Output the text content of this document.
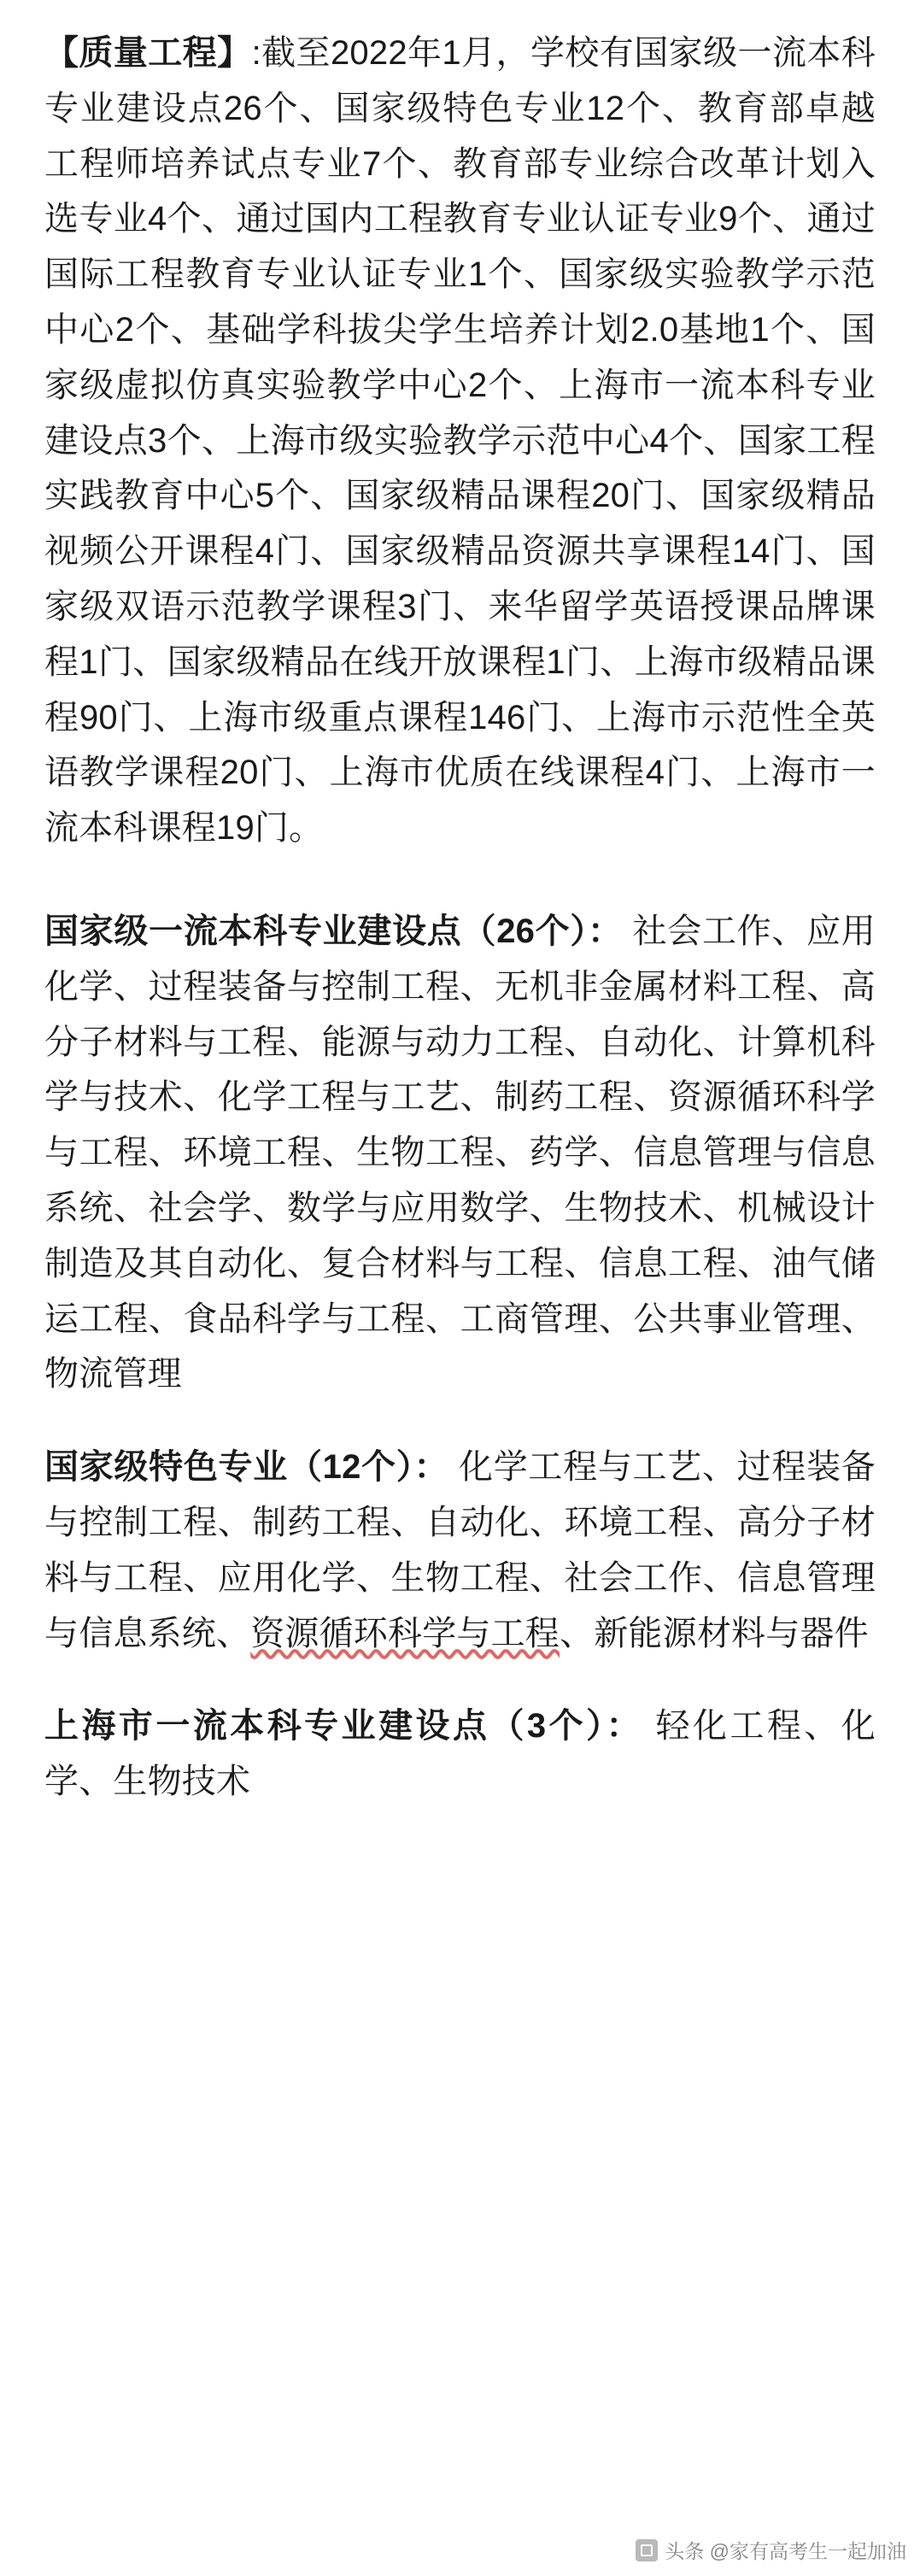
【质量工程】:截至2022年1月，学校有国家级一流本科专业建设点26个、国家级特色专业12个、教育部卓越工程师培养试点专业7个、教育部专业综合改革计划入选专业4个、通过国内工程教育专业认证专业9个、通过国际工程教育专业认证专业1个、国家级实验教学示范中心2个、基础学科拔尖学生培养计划2.0基地1个、国家级虚拟仿真实验教学中心2个、上海市一流本科专业建设点3个、上海市级实验教学示范中心4个、国家工程实践教育中心5个、国家级精品课程20门、国家级精品视频公开课程4门、国家级精品资源共享课程14门、国家级双语示范教学课程3门、来华留学英语授课品牌课程1门、国家级精品在线开放课程1门、上海市级精品课程90门、上海市级重点课程146门、上海市示范性全英语教学课程20门、上海市优质在线课程4门、上海市一流本科课程19门。

国家级一流本科专业建设点（26个）： 社会工作、应用化学、过程装备与控制工程、无机非金属材料工程、高分子材料与工程、能源与动力工程、自动化、计算机科学与技术、化学工程与工艺、制药工程、资源循环科学与工程、环境工程、生物工程、药学、信息管理与信息系统、社会学、数学与应用数学、生物技术、机械设计制造及其自动化、复合材料与工程、信息工程、油气储运工程、食品科学与工程、工商管理、公共事业管理、物流管理

国家级特色专业（12个）： 化学工程与工艺、过程装备与控制工程、制药工程、自动化、环境工程、高分子材料与工程、应用化学、生物工程、社会工作、信息管理与信息系统、资源循环科学与工程、新能源材料与器件

上海市一流本科专业建设点（3个）： 轻化工程、化学、生物技术

头条 @家有高考生一起加油
